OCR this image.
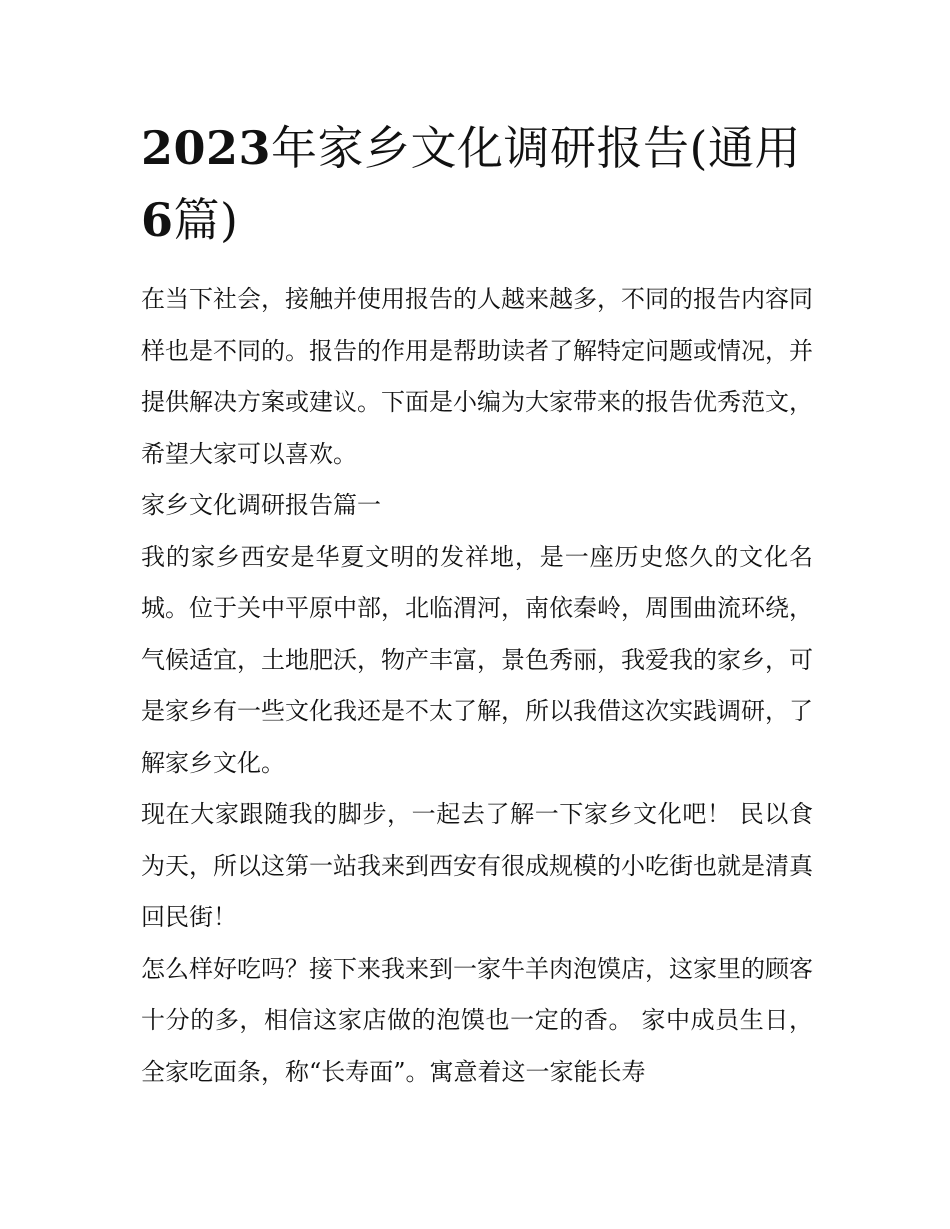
2023年家乡文化调研报告(通用6篇)

在当下社会，接触并使用报告的人越来越多，不同的报告内容同样也是不同的。报告的作用是帮助读者了解特定问题或情况，并提供解决方案或建议。下面是小编为大家带来的报告优秀范文，希望大家可以喜欢。

家乡文化调研报告篇一

我的家乡西安是华夏文明的发祥地，是一座历史悠久的文化名城。位于关中平原中部，北临渭河，南依秦岭，周围曲流环绕，气候适宜，土地肥沃，物产丰富，景色秀丽，我爱我的家乡，可是家乡有一些文化我还是不太了解，所以我借这次实践调研，了解家乡文化。

现在大家跟随我的脚步，一起去了解一下家乡文化吧！ 民以食为天，所以这第一站我来到西安有很成规模的小吃街也就是清真回民街！

怎么样好吃吗？接下来我来到一家牛羊肉泡馍店，这家里的顾客十分的多，相信这家店做的泡馍也一定的香。 家中成员生日，全家吃面条，称“长寿面”。寓意着这一家能长寿
